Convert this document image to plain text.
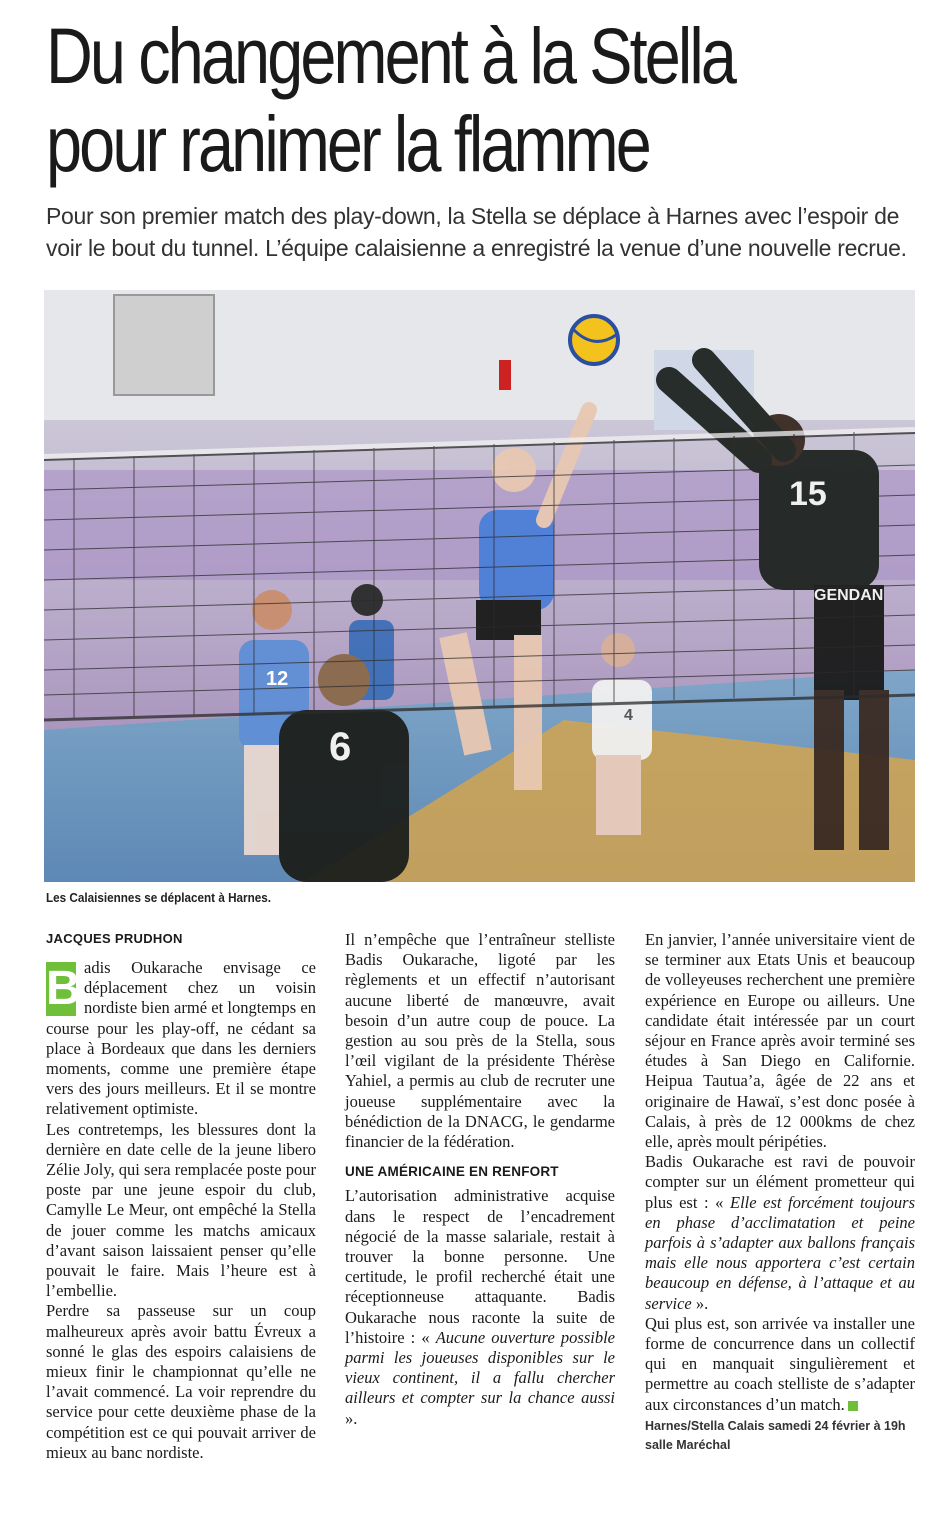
Du changement à la Stella
pour ranimer la flamme
Pour son premier match des play-down, la Stella se déplace à Harnes avec l’espoir de voir le bout du tunnel. L’équipe calaisienne a enregistré la venue d’une nouvelle recrue.
15
GENDAN
6
12
4
Les Calaisiennes se déplacent à Harnes.
JACQUES PRUDHON

B adis Oukarache envisage ce déplacement chez un voisin nordiste bien armé et longtemps en course pour les play-off, ne cédant sa place à Bordeaux que dans les derniers moments, comme une première étape vers des jours meilleurs. Et il se montre relativement optimiste.

Les contretemps, les blessures dont la dernière en date celle de la jeune libero Zélie Joly, qui sera remplacée poste pour poste par une jeune espoir du club, Camylle Le Meur, ont empêché la Stella de jouer comme les matchs amicaux d’avant saison laissaient penser qu’elle pouvait le faire. Mais l’heure est à l’embellie.

Perdre sa passeuse sur un coup malheureux après avoir battu Évreux a sonné le glas des espoirs calaisiens de mieux finir le championnat qu’elle ne l’avait commencé. La voir reprendre du service pour cette deuxième phase de la compétition est ce qui pouvait arriver de mieux au banc nordiste.

Il n’empêche que l’entraîneur stelliste Badis Oukarache, ligoté par les règlements et un effectif n’autorisant aucune liberté de manœuvre, avait besoin d’un autre coup de pouce. La gestion au sou près de la Stella, sous l’œil vigilant de la présidente Thérèse Yahiel, a permis au club de recruter une joueuse supplémentaire avec la bénédiction de la DNACG, le gendarme financier de la fédération.

UNE AMÉRICAINE EN RENFORT

L’autorisation administrative acquise dans le respect de l’encadrement négocié de la masse salariale, restait à trouver la bonne personne. Une certitude, le profil recherché était une réceptionneuse attaquante. Badis Oukarache nous raconte la suite de l’histoire : « Aucune ouverture possible parmi les joueuses disponibles sur le vieux continent, il a fallu chercher ailleurs et compter sur la chance aussi ».

En janvier, l’année universitaire vient de se terminer aux Etats Unis et beaucoup de volleyeuses recherchent une première expérience en Europe ou ailleurs. Une candidate était intéressée par un court séjour en France après avoir terminé ses études à San Diego en Californie. Heipua Tautua’a, âgée de 22 ans et originaire de Hawaï, s’est donc posée à Calais, à près de 12 000kms de chez elle, après moult péripéties.

Badis Oukarache est ravi de pouvoir compter sur un élément prometteur qui plus est : « Elle est forcément toujours en phase d’acclimatation et peine parfois à s’adapter aux ballons français mais elle nous apportera c’est certain beaucoup en défense, à l’attaque et au service ».

Qui plus est, son arrivée va installer une forme de concurrence dans un collectif qui en manquait singulièrement et permettre au coach stelliste de s’adapter aux circonstances d’un match.

Harnes/Stella Calais samedi 24 février à 19h
salle Maréchal
